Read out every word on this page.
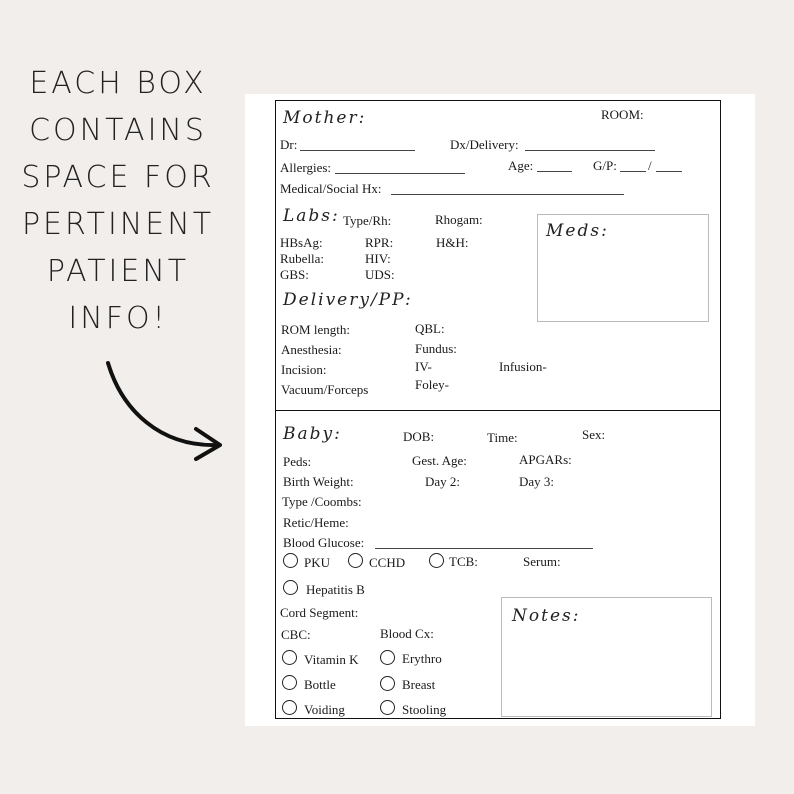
EACH BOX
CONTAINS
SPACE FOR
PERTINENT
PATIENT
INFO!
Mother:	ROOM:
Dr:	Dx/Delivery:
Allergies:	Age:	G/P: /
Medical/Social Hx:
Labs: Type/Rh:	Rhogam:
HBsAg:	RPR:	H&H:
Rubella:	HIV:
GBS:	UDS:
Meds:
Delivery/PP:
ROM length:	QBL:
Anesthesia:	Fundus:
Incision:	IV-	Infusion-
Vacuum/Forceps	Foley-
Baby:	DOB:	Time:	Sex:
Peds:	Gest. Age:	APGARs:
Birth Weight:	Day 2:	Day 3:
Type /Coombs:
Retic/Heme:
Blood Glucose:
PKU	CCHD	TCB:	Serum:
Hepatitis B
Cord Segment:
CBC:	Blood Cx:
Vitamin K	Erythro
Bottle	Breast
Voiding	Stooling
Notes:
